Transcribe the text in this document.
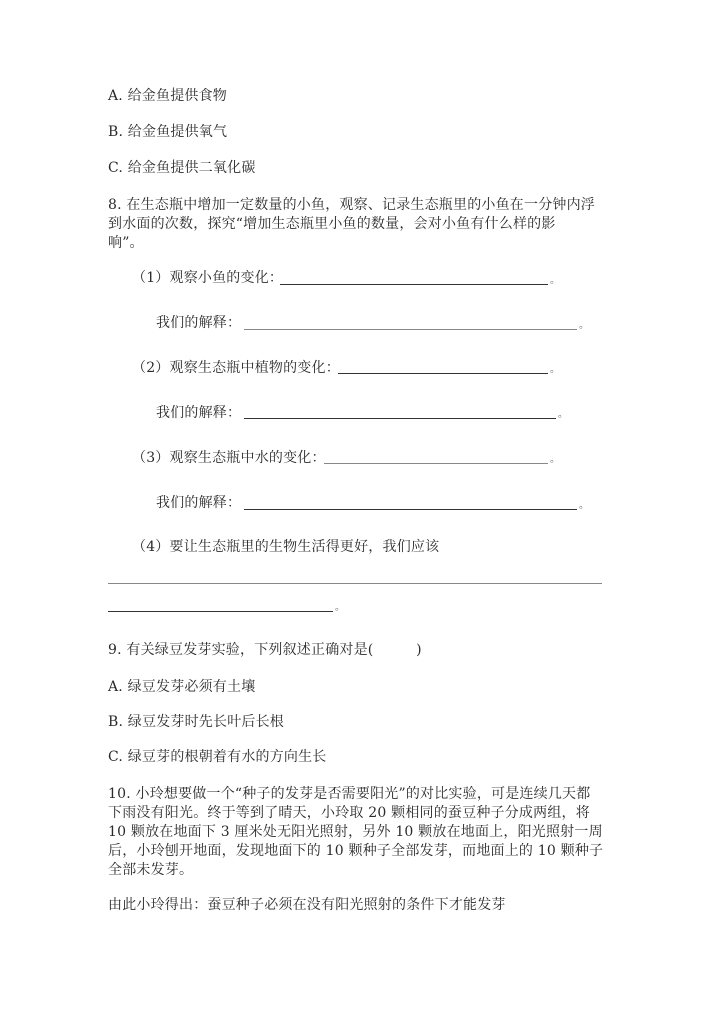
A. 给金鱼提供食物
B. 给金鱼提供氧气
C. 给金鱼提供二氧化碳
8. 在生态瓶中增加一定数量的小鱼，观察、记录生态瓶里的小鱼在一分钟内浮
到水面的次数，探究“增加生态瓶里小鱼的数量，会对小鱼有什么样的影
响”。
（1）观察小鱼的变化：	。
我们的解释：	。
（2）观察生态瓶中植物的变化：	。
我们的解释：	。
（3）观察生态瓶中水的变化：	。
我们的解释：	。
（4）要让生态瓶里的生物生活得更好，我们应该
。
9. 有关绿豆发芽实验，下列叙述正确对是(　　　)
A. 绿豆发芽必须有土壤
B. 绿豆发芽时先长叶后长根
C. 绿豆芽的根朝着有水的方向生长
10. 小玲想要做一个“种子的发芽是否需要阳光”的对比实验，可是连续几天都
下雨没有阳光。终于等到了晴天，小玲取 20 颗相同的蚕豆种子分成两组，将
10 颗放在地面下 3 厘米处无阳光照射，另外 10 颗放在地面上，阳光照射一周
后，小玲刨开地面，发现地面下的 10 颗种子全部发芽，而地面上的 10 颗种子
全部未发芽。
由此小玲得出：蚕豆种子必须在没有阳光照射的条件下才能发芽
